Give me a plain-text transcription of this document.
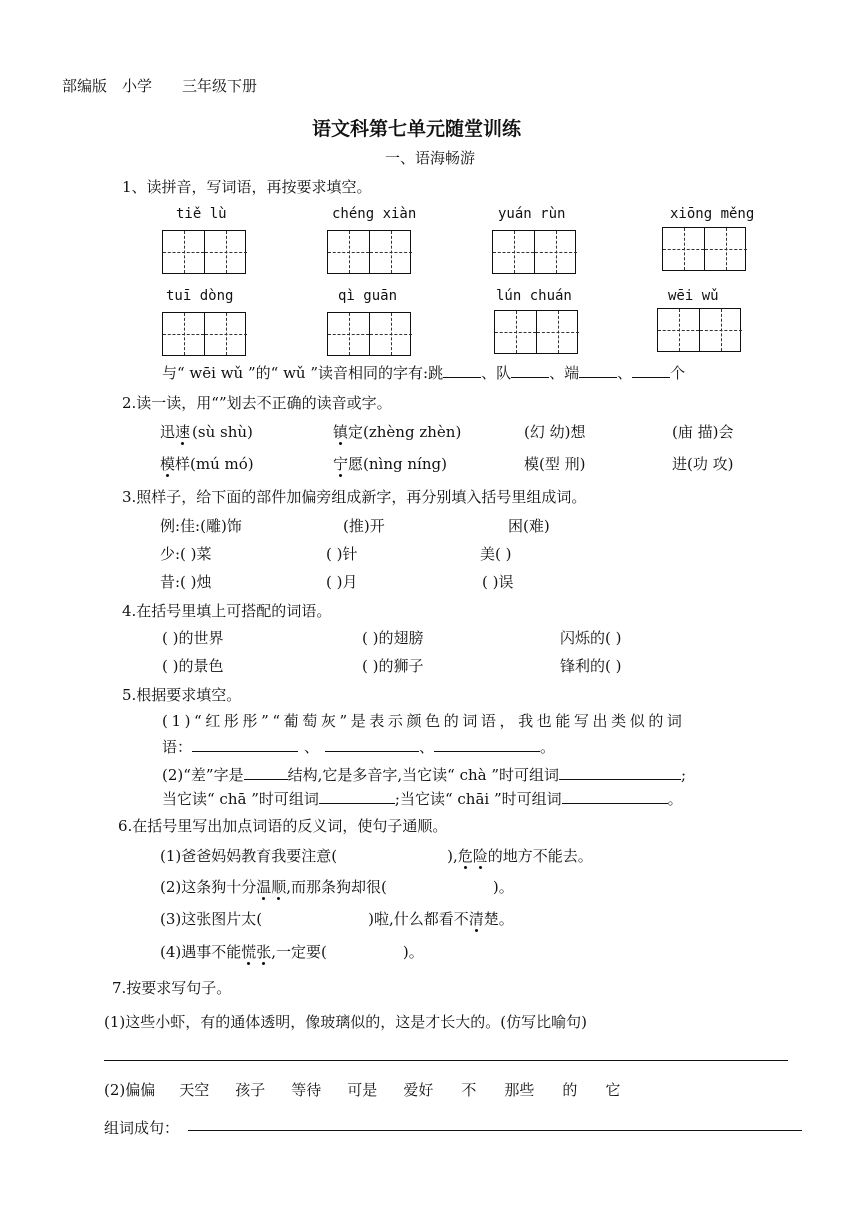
部编版　小学　　三年级下册
语文科第七单元随堂训练
一、语海畅游
1、读拼音，写词语，再按要求填空。
tiě lù	chéng xiàn	yuán rùn	xiōng měng
tuī dòng	qì guān	lún chuán	wēi wǔ
与“ wēi wǔ ”的“ wǔ ”读音相同的字有:跳	、队	、端	、	个
2.读一读，用“”划去不正确的读音或字。
迅速 (sù shù)	镇定(zhèng zhèn)	(幻 幼)想	(庙 描)会
模样(mú mó)	宁愿(nìng níng)	模(型 刑)	进(功 攻)
3.照样子，给下面的部件加偏旁组成新字，再分别填入括号里组成词。
例:佳:(雕)饰	(推)开	困(难)
少:( )菜	( )针	美( )
昔:( )烛	( )月	( )误
4.在括号里填上可搭配的词语。
( )的世界	( )的翅膀	闪烁的( )
( )的景色	( )的狮子	锋利的( )
5.根据要求填空。
(1)“红彤彤”“葡萄灰”是表示颜色的词语，我也能写出类似的词
语：	、	、	。
(2)“差”字是	结构,它是多音字,当它读“ chà ”时可组词	;
当它读“ chā ”时可组词	;当它读“ chāi ”时可组词	。
6.在括号里写出加点词语的反义词，使句子通顺。
(1)爸爸妈妈教育我要注意(	),危险的地方不能去。
(2)这条狗十分温顺,而那条狗却很(	)。
(3)这张图片太(	)啦,什么都看不清楚。
(4)遇事不能慌张,一定要(	)。
7.按要求写句子。
(1)这些小虾，有的通体透明，像玻璃似的，这是才长大的。(仿写比喻句)
(2)偏偏 天空 孩子 等待 可是 爱好 不 那些 的 它
组词成句：
